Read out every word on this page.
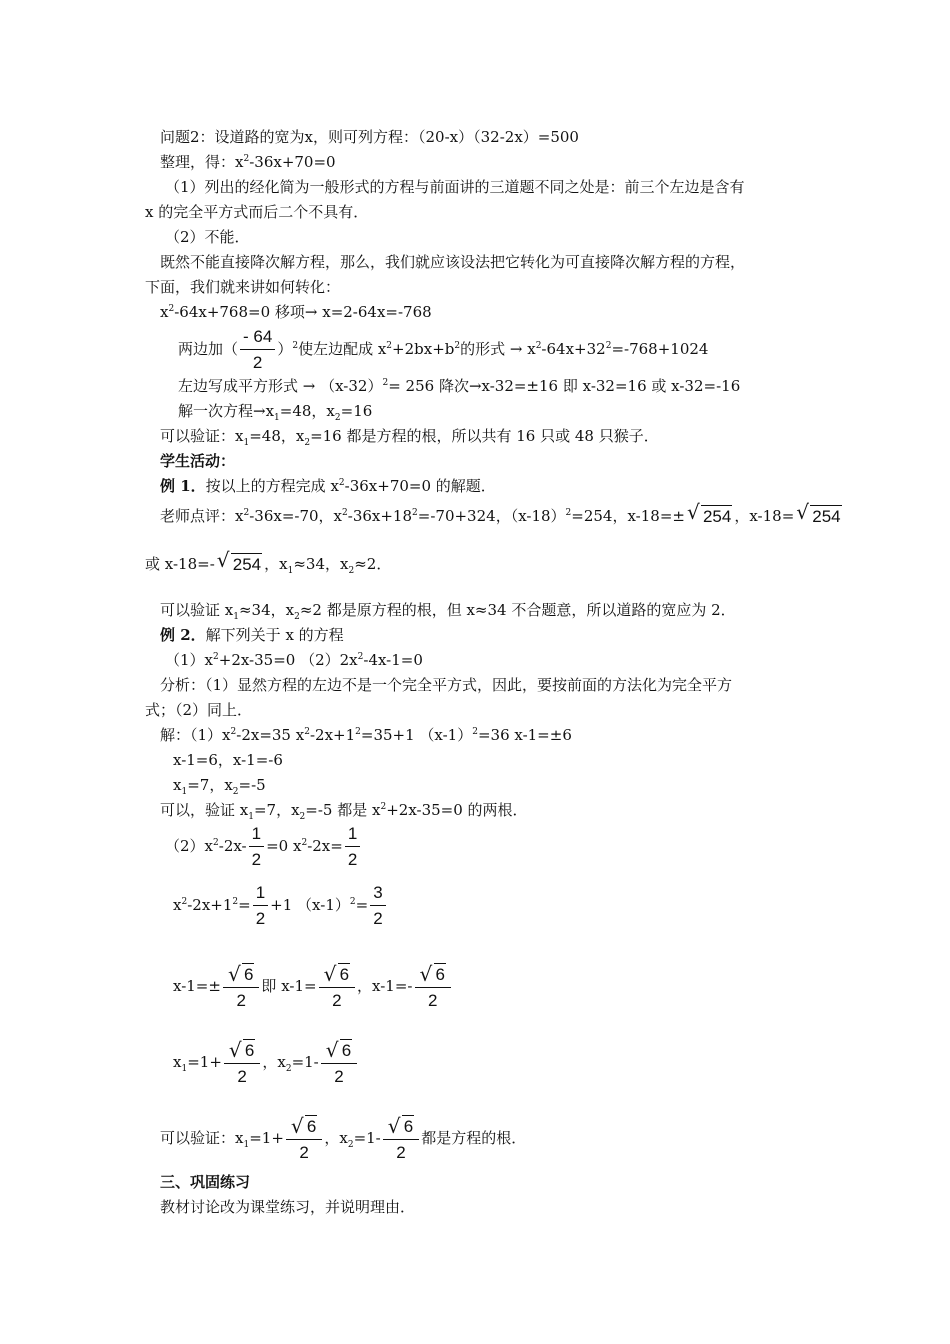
问题2：设道路的宽为x，则可列方程：（20-x）（32-2x）=500
整理，得：$x^2-36x+70=0$
（1）列出的经化简为一般形式的方程与前面讲的三道题不同之处是：前三个左边是含有
x 的完全平方式而后二个不具有．
（2）不能．
既然不能直接降次解方程，那么，我们就应该设法把它转化为可直接降次解方程的方程，
下面，我们就来讲如何转化：
$x^2-64x+768=0$ 移项→ x=2-64x=-768
两边加（ $\frac{- 64}{2} )^2$使左边配成 $x^2+2bx+b^2$的形式 → $x^2-64x+32^2=-768+1024$
左边写成平方形式 → $(x-32)^2= 256$ 降次→x-32=±16 即 x-32=16 或 x-32=-16
解一次方程$\to x_1=48$，$x_2=16$
可以验证：$x_1=48$，$x_2=16$ 都是方程的根，所以共有 16 只或 48 只猴子．
学生活动：
例 1．按以上的方程完成 $x^2-36x+70=0$ 的解题．
老师点评：$x^2-36x=-70$，$x^2-36x+18^2=-70+324$，$(x-18)^2=254$，x-18=± √ 254 ，x-18= √ 254
或 x-18=- √ 254 ，$x_1\approx 34$，$x_2\approx 2$．
可以验证 $x_1\approx 34$，$x_2\approx 2$ 都是原方程的根，但 x≈34 不合题意，所以道路的宽应为 2．
例 2．解下列关于 x 的方程
$(1)x^2+2x-35=0$ $(2)2x^2-4x-1=0$
分析：（1）显然方程的左边不是一个完全平方式，因此，要按前面的方法化为完全平方
式；（2）同上．
解：$(1)x^2-2x=35$ $x^2-2x+1^2=35+1$ $(x-1)^2=36$ x-1=±6
x-1=6，x-1=-6
$x_1=7$，$x_2=-5$
可以，验证 $x_1=7$，$x_2=-5$ 都是 $x^2+2x-35=0$ 的两根．
$(2)x^2-2x- \frac{1}{2} =0$ $x^2-2x= \frac{1}{2}$
$x^2-2x+1^2= \frac{1}{2} +1$ $(x-1)^2= \frac{3}{2}$
$x-1=\pm \frac{√ 6}{2}$ 即 $x-1= \frac{√ 6}{2}$ ，$x-1=- \frac{√ 6}{2}$
$x_1=1+ \frac{√ 6}{2}$ ，$x_2=1- \frac{√ 6}{2}$
可以验证：$x_1=1+ \frac{√ 6}{2}$ ，$x_2=1- \frac{√ 6}{2}$ 都是方程的根．
三、巩固练习
教材讨论改为课堂练习，并说明理由．
